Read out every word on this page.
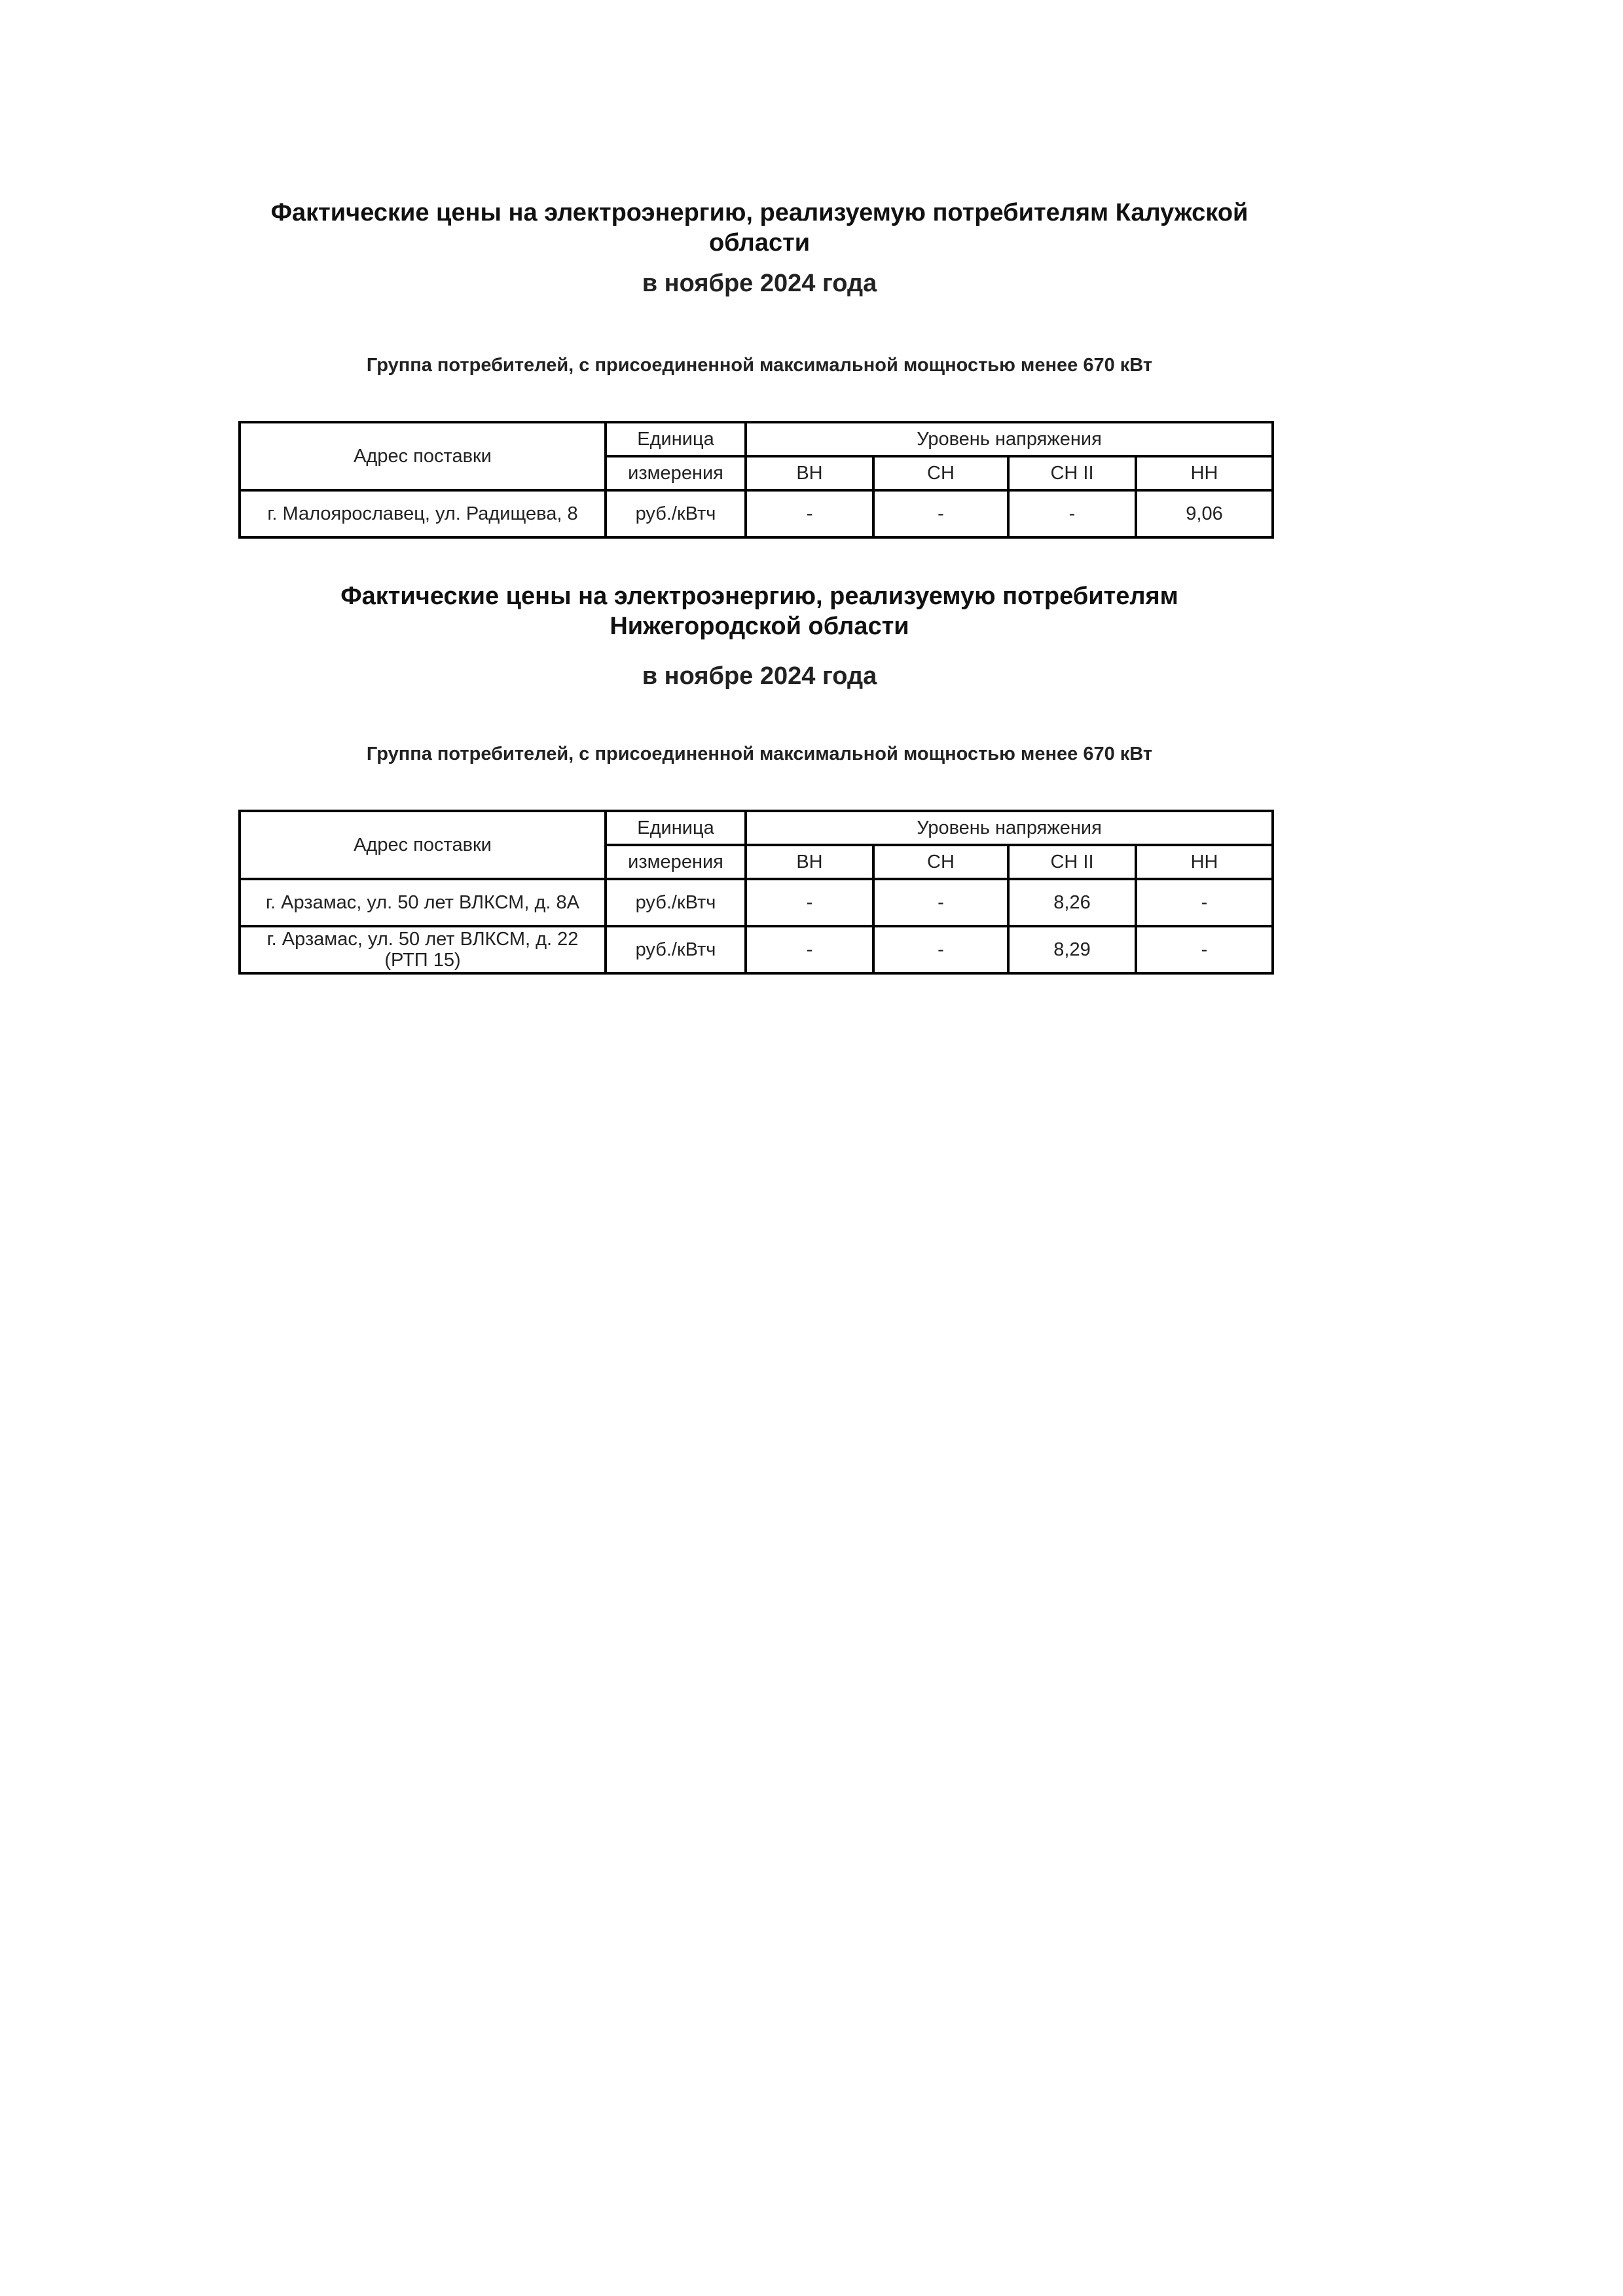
Фактические цены на электроэнергию, реализуемую потребителям Калужской области

в ноябре 2024 года

Группа потребителей, с присоединенной максимальной мощностью менее 670 кВт

Адрес поставки	Единица	Уровень напряжения			
	измерения	ВН	СН	СН II	НН
г. Малоярославец, ул. Радищева, 8	руб./кВтч	-	-	-	9,06
Фактические цены на электроэнергию, реализуемую потребителям Нижегородской области

в ноябре 2024 года

Группа потребителей, с присоединенной максимальной мощностью менее 670 кВт

Адрес поставки	Единица	Уровень напряжения			
	измерения	ВН	СН	СН II	НН
г. Арзамас, ул. 50 лет ВЛКСМ, д. 8А	руб./кВтч	-	-	8,26	-
г. Арзамас, ул. 50 лет ВЛКСМ, д. 22 (РТП 15)	руб./кВтч	-	-	8,29	-
